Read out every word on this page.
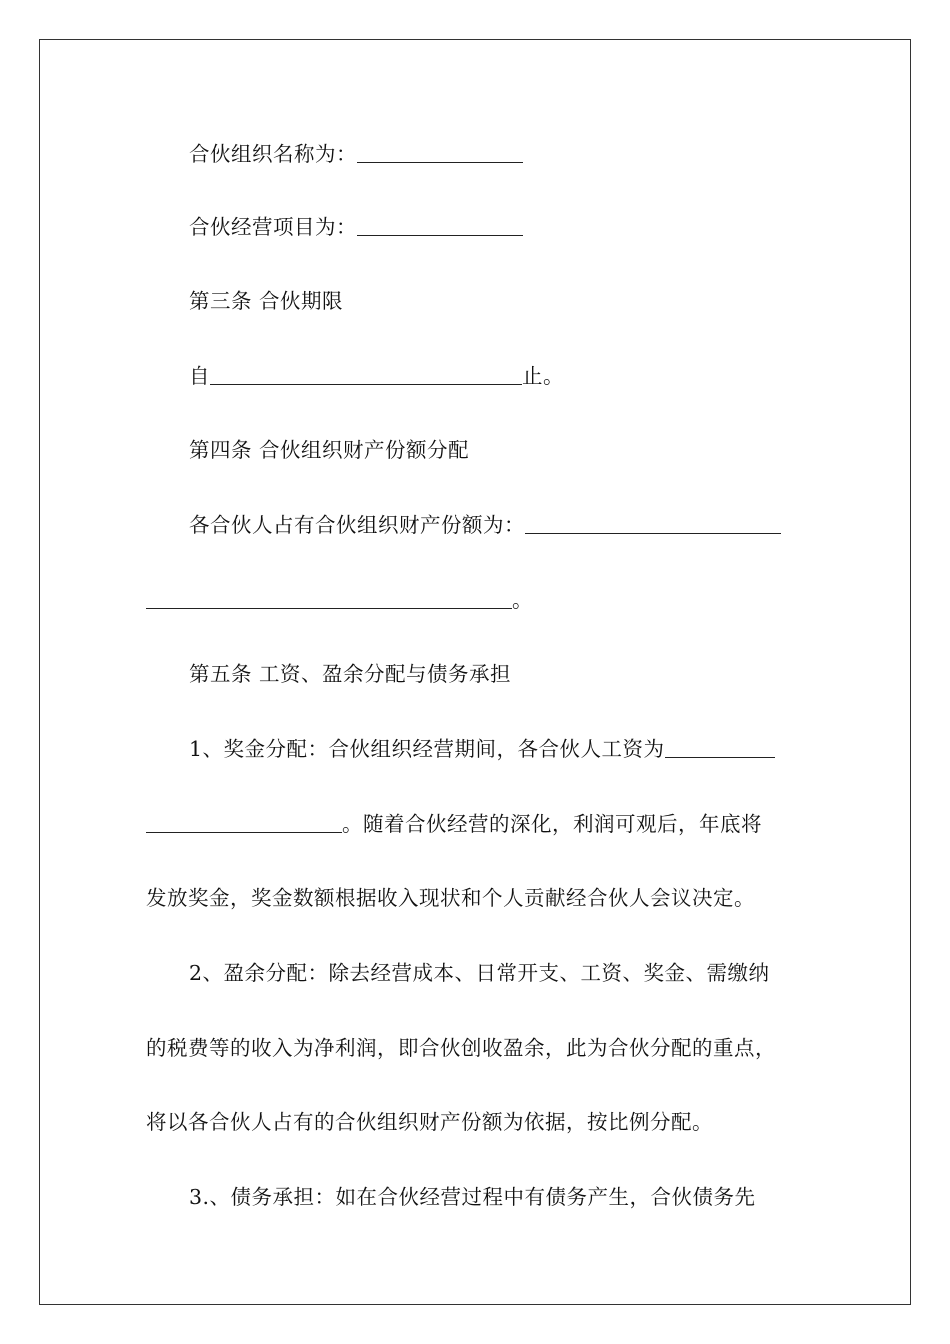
合伙组织名称为：
合伙经营项目为：
第三条 合伙期限
自	止。
第四条 合伙组织财产份额分配
各合伙人占有合伙组织财产份额为：
。
第五条 工资、盈余分配与债务承担
1、奖金分配：合伙组织经营期间，各合伙人工资为
。随着合伙经营的深化，利润可观后，年底将
发放奖金，奖金数额根据收入现状和个人贡献经合伙人会议决定。
2、盈余分配：除去经营成本、日常开支、工资、奖金、需缴纳
的税费等的收入为净利润，即合伙创收盈余，此为合伙分配的重点，
将以各合伙人占有的合伙组织财产份额为依据，按比例分配。
3.、债务承担：如在合伙经营过程中有债务产生，合伙债务先
